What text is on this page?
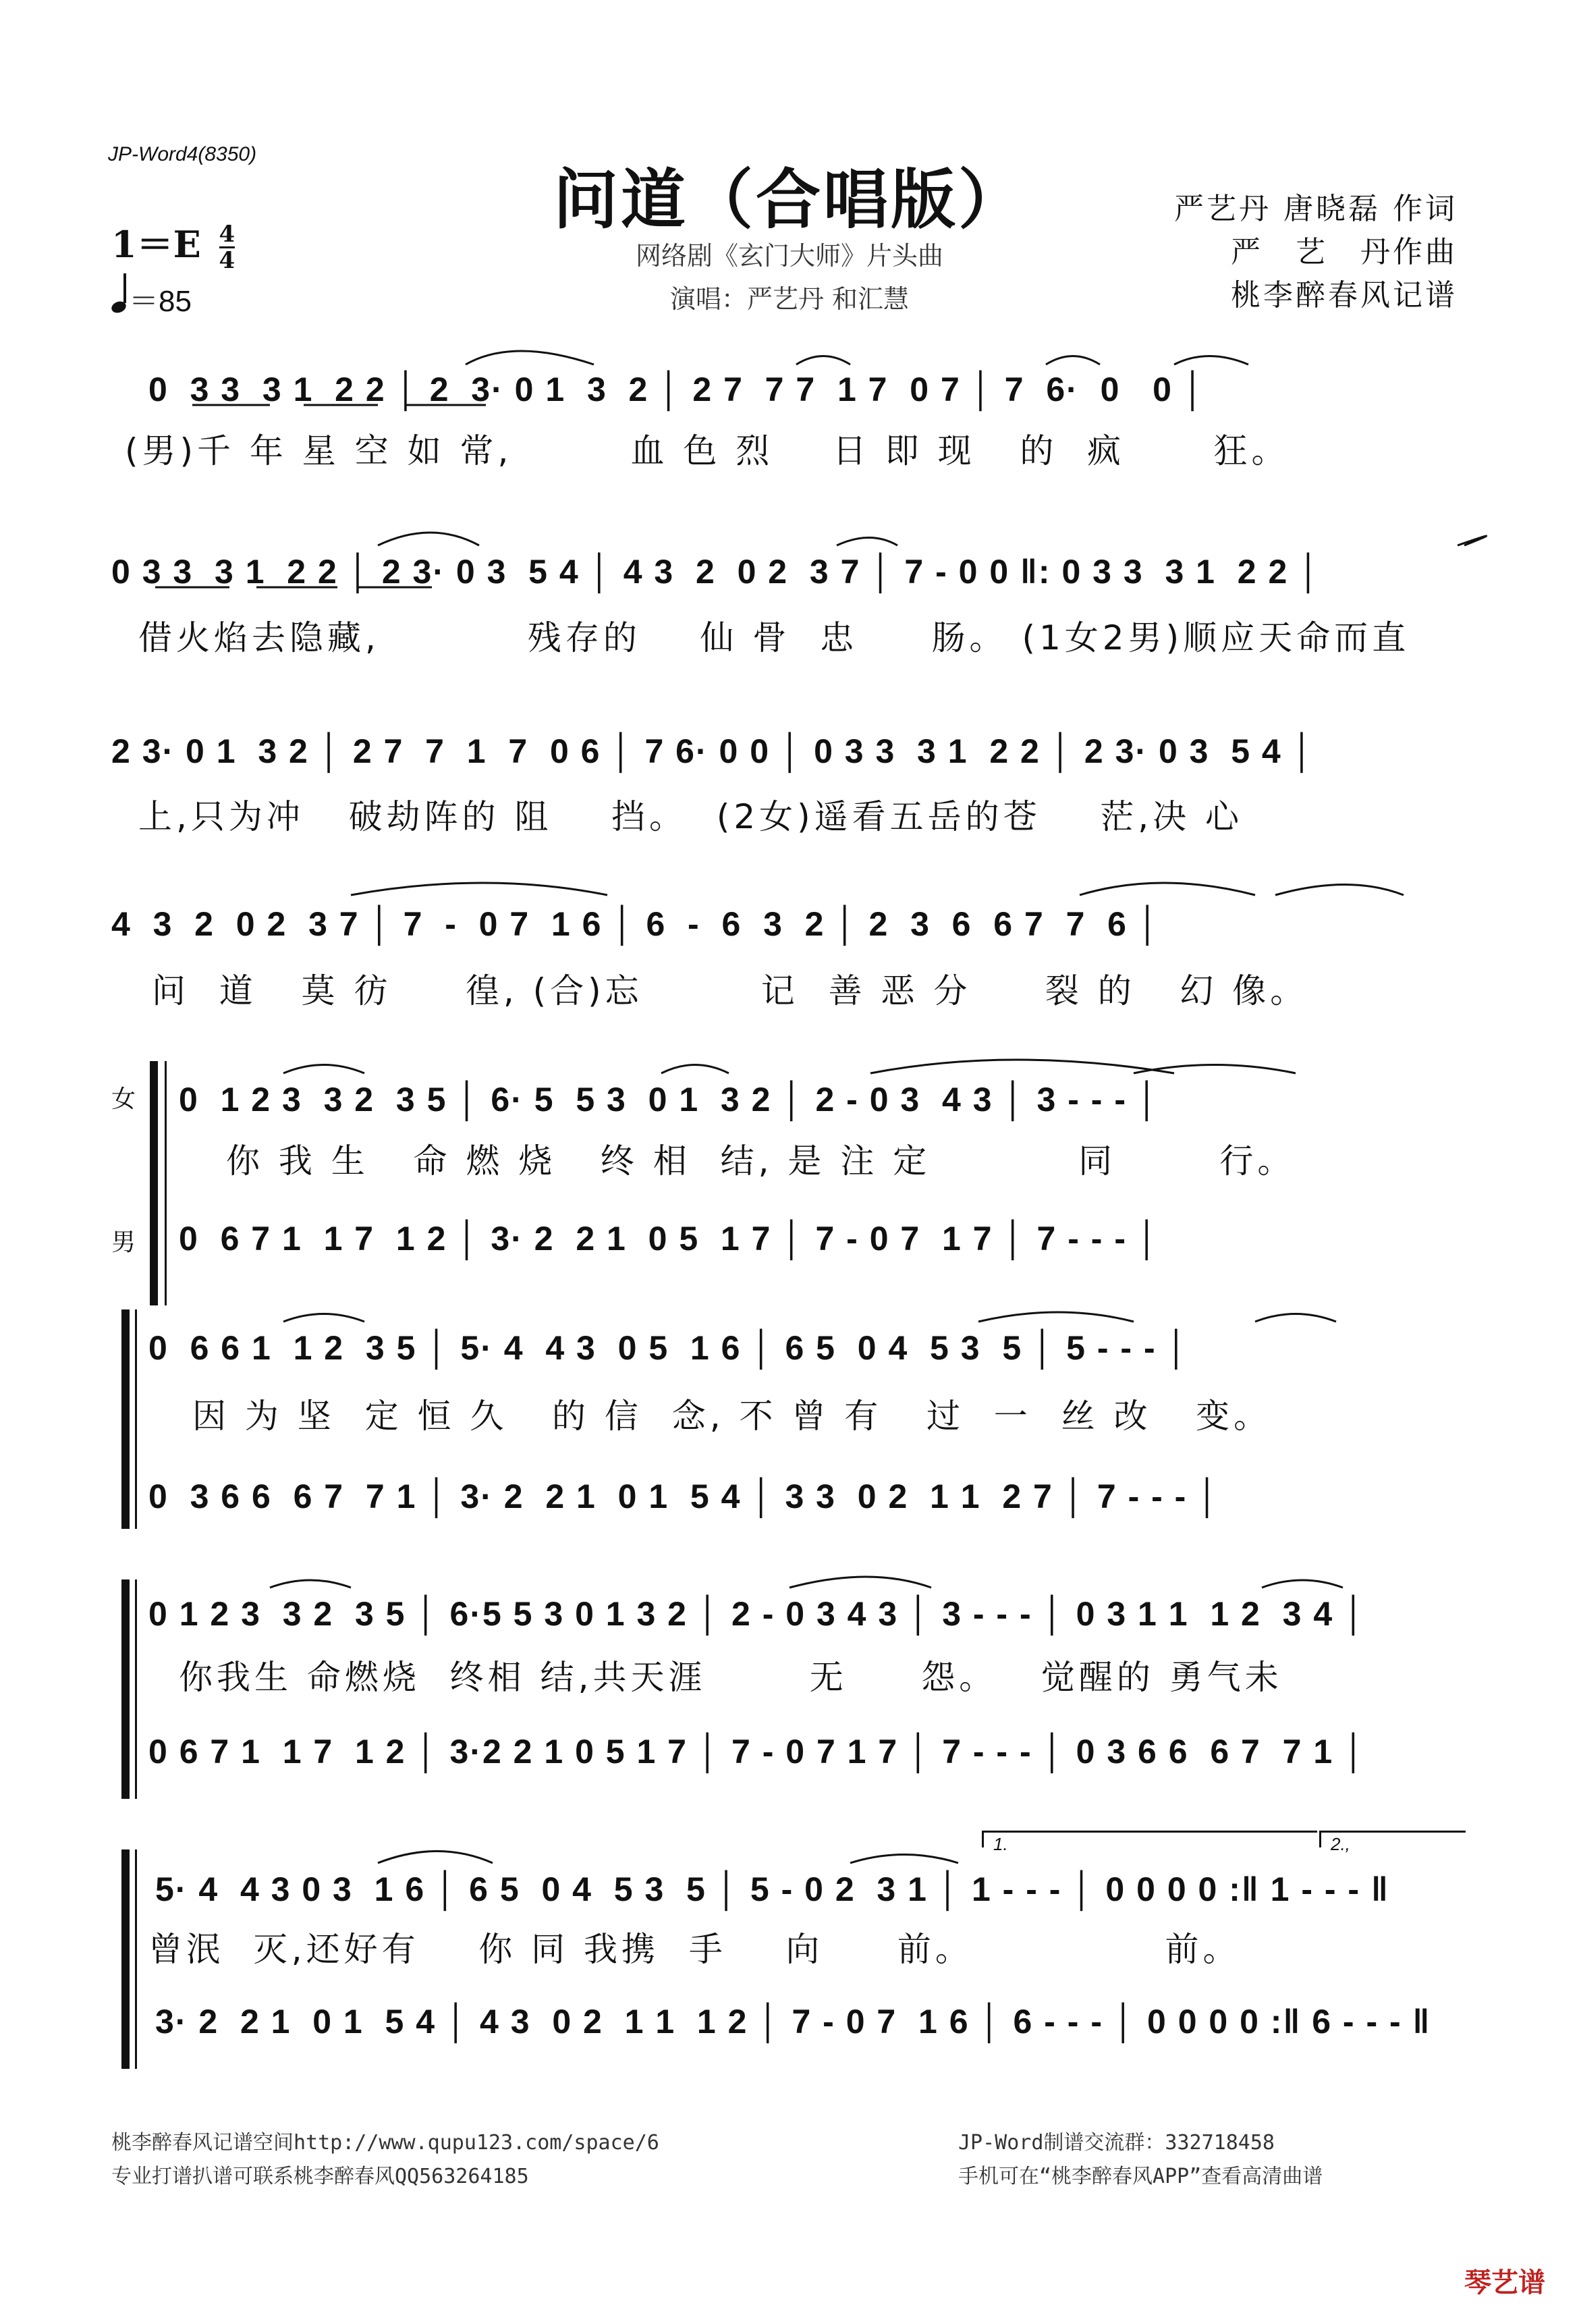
JP-Word4(8350)
问道（合唱版）
网络剧《玄门大师》片头曲
演唱：严艺丹 和汇慧
严艺丹 唐晓磊 作词
严　艺　丹作曲
桃李醉春风记谱
$1=E \frac{4}{4}$
＝85
0  3 3  3 1  2 2 │ 2  3· 0 1  3  2 │ 2 7  7 7  1 7  0 7 │ 7  6·  0   0 │
(男)千 年 星 空 如 常,        血 色 烈    日 即 现   的  疯      狂。
0 3 3  3 1  2 2 │ 2 3· 0 3  5 4 │ 4 3  2  0 2  3 7 │ 7 - 0 0 ‖: 0 3 3  3 1  2 2 │
借火焰去隐藏,          残存的    仙 骨  忠     肠。 (1女2男)顺应天命而直
2 3· 0 1  3 2 │ 2 7  7  1  7  0 6 │ 7 6· 0 0 │ 0 3 3  3 1  2 2 │ 2 3· 0 3  5 4 │
上,只为冲   破劫阵的 阻    挡。  (2女)遥看五岳的苍    茫,决 心
4  3  2  0 2  3 7 │ 7  -  0 7  1 6 │ 6  -  6  3  2 │ 2  3  6  6 7  7  6 │
问  道   莫 彷     徨, (合)忘        记  善 恶 分     裂 的   幻 像。
女
男
0  1 2 3  3 2  3 5 │ 6· 5  5 3  0 1  3 2 │ 2 - 0 3  4 3 │ 3 - - - │
你 我 生   命 燃 烧   终 相  结, 是 注 定          同       行。
0  6 7 1  1 7  1 2 │ 3· 2  2 1  0 5  1 7 │ 7 - 0 7  1 7 │ 7 - - - │
0  6 6 1  1 2  3 5 │ 5· 4  4 3  0 5  1 6 │ 6 5  0 4  5 3  5 │ 5 - - - │
因 为 坚  定 恒 久   的 信  念, 不 曾 有   过  一  丝 改   变。
0  3 6 6  6 7  7 1 │ 3· 2  2 1  0 1  5 4 │ 3 3  0 2  1 1  2 7 │ 7 - - - │
0 1 2 3  3 2  3 5 │ 6·5 5 3 0 1 3 2 │ 2 - 0 3 4 3 │ 3 - - - │ 0 3 1 1  1 2  3 4 │
你我生 命燃烧  终相 结,共天涯       无     怨。   觉醒的 勇气未
0 6 7 1  1 7  1 2 │ 3·2 2 1 0 5 1 7 │ 7 - 0 7 1 7 │ 7 - - - │ 0 3 6 6  6 7  7 1 │
1.	2.,
5· 4  4 3 0 3  1 6 │ 6 5  0 4  5 3  5 │ 5 - 0 2  3 1 │ 1 - - - │ 0 0 0 0 :‖ 1 - - - ‖
曾泯  灭,还好有    你 同 我携  手    向     前。             前。
3· 2  2 1  0 1  5 4 │ 4 3  0 2  1 1  1 2 │ 7 - 0 7  1 6 │ 6 - - - │ 0 0 0 0 :‖ 6 - - - ‖
桃李醉春风记谱空间http://www.qupu123.com/space/6
专业打谱扒谱可联系桃李醉春风QQ563264185
JP-Word制谱交流群：332718458
手机可在“桃李醉春风APP”查看高清曲谱
琴艺谱
